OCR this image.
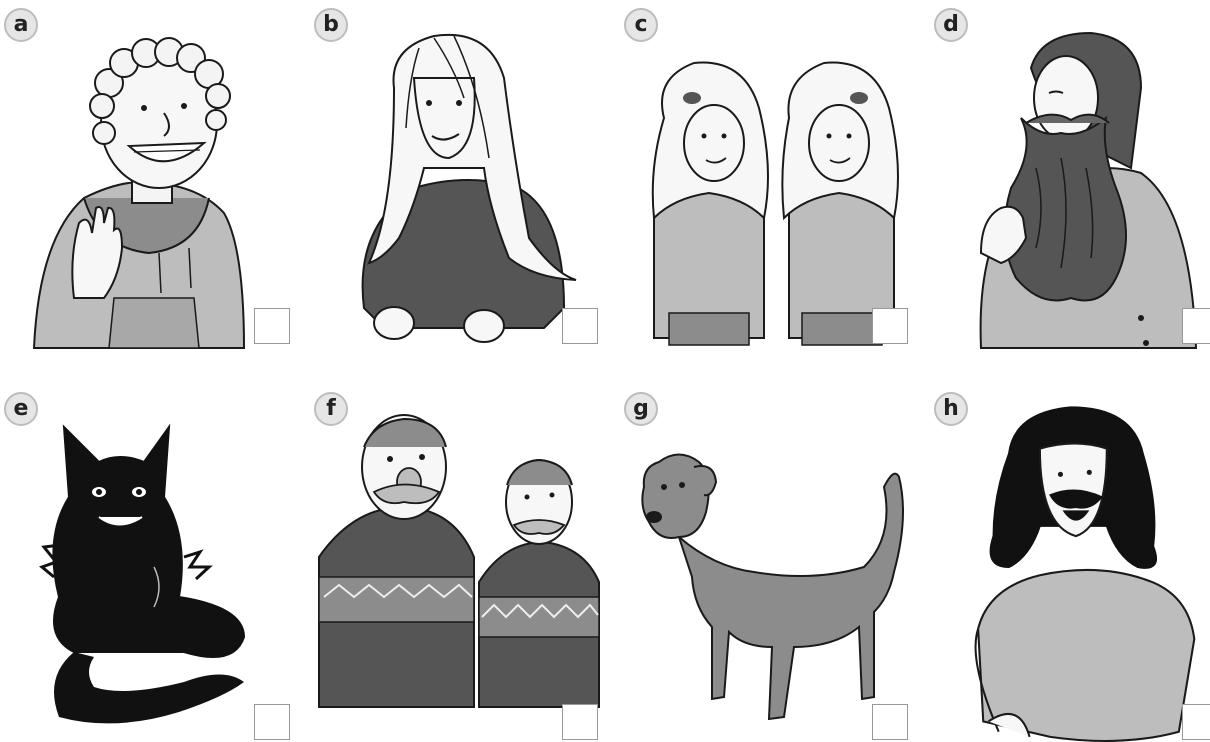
a	b	c	d
e	f	g	h
